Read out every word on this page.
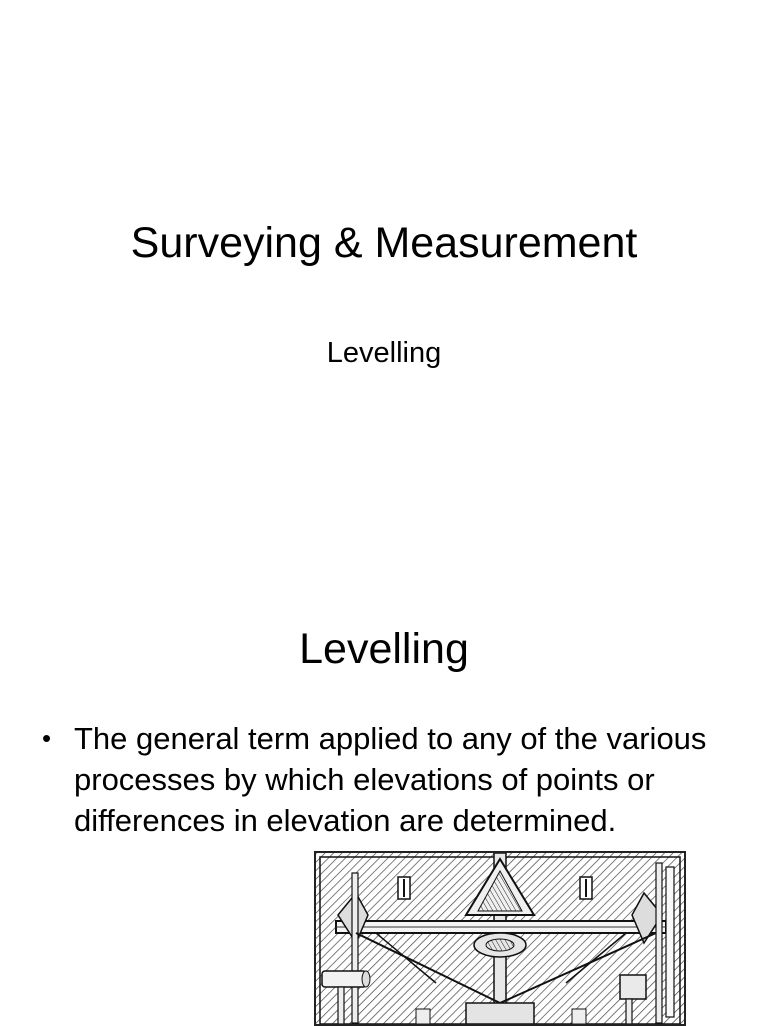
Surveying & Measurement
Levelling
Levelling
• The general term applied to any of the various processes by which elevations of points or differences in elevation are determined.
